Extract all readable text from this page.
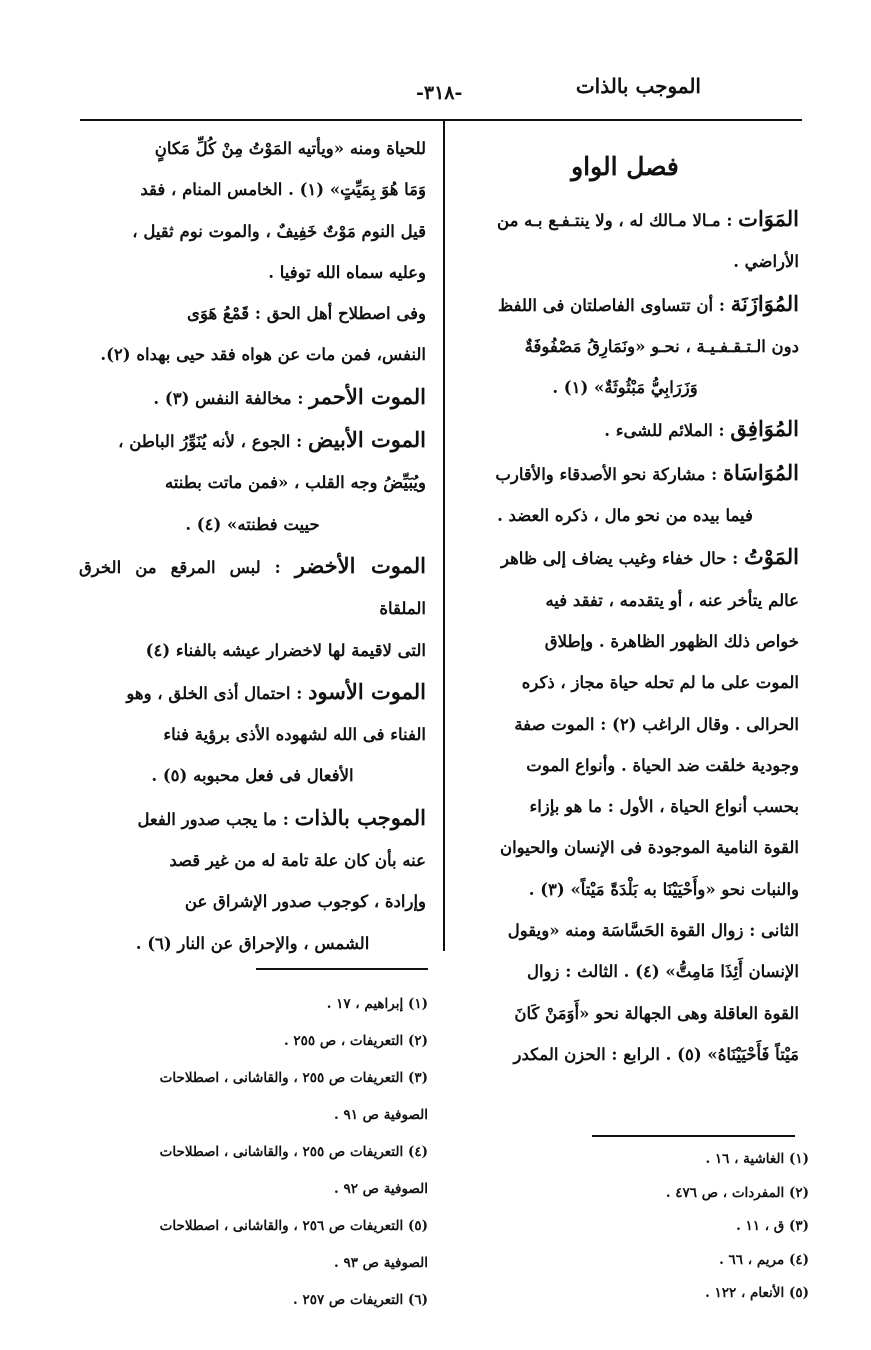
الموجب بالذات
-٣١٨-

فصل الواو

المَوَات : مـالا مـالك له ، ولا ينتـفـع بـه من

الأراضي .

المُوَازَنَة : أن تتساوى الفاصلتان فى اللفظ

دون الـتـقـفـيـة ، نحـو «ونَمَارِقُ مَصْفُوفَةٌ

وَزَرَابِيُّ مَبْثُوثَةٌ» (١) .

المُوَافِق : الملائم للشىء .

المُوَاسَاة : مشاركة نحو الأصدقاء والأقارب

فيما بيده من نحو مال ، ذكره العضد .

المَوْتُ : حال خفاء وغيب يضاف إلى ظاهر

عالم يتأخر عنه ، أو يتقدمه ، تفقد فيه

خواص ذلك الظهور الظاهرة . وإطلاق

الموت على ما لم تحله حياة مجاز ، ذكره

الحرالى . وقال الراغب (٢) : الموت صفة

وجودية خلقت ضد الحياة . وأنواع الموت

بحسب أنواع الحياة ، الأول : ما هو بإزاء

القوة النامية الموجودة فى الإنسان والحيوان

والنبات نحو «وأَحْيَيْنَا به بَلْدَةً مَيْتاً» (٣) .

الثانى : زوال القوة الحَسَّاسَة ومنه «ويقول

الإنسان أَئِذَا مَامِتُّ» (٤) . الثالث : زوال

القوة العاقلة وهى الجهالة نحو «أَوَمَنْ كَانَ

مَيْتاً فَأَحْيَيْنَاهُ» (٥) . الرابع : الحزن المكدر

(١) الغاشية ، ١٦ .

(٢) المفردات ، ص ٤٧٦ .

(٣) ق ، ١١ .

(٤) مريم ، ٦٦ .

(٥) الأنعام ، ١٢٢ .

للحياة ومنه «ويأتيه المَوْتُ مِنْ كُلِّ مَكانٍ

وَمَا هُوَ بِمَيِّتٍ» (١) . الخامس المنام ، فقد

قيل النوم مَوْتٌ خَفِيفٌ ، والموت نوم ثقيل ،

وعليه سماه الله توفيا .

وفى اصطلاح أهل الحق : قَمْعُ هَوَى

النفس، فمن مات عن هواه فقد حيى بهداه (٢).

الموت الأحمر : مخالفة النفس (٣) .

الموت الأبيض : الجوع ، لأنه يُنَوِّرُ الباطن ،

ويُبَيِّضُ وجه القلب ، «فمن ماتت بطنته

حييت فطنته» (٤) .

الموت الأخضر : لبس المرقع من الخرق الملقاة

التى لاقيمة لها لاخضرار عيشه بالفناء (٤)

الموت الأسود : احتمال أذى الخلق ، وهو

الفناء فى الله لشهوده الأذى برؤية فناء

الأفعال فى فعل محبوبه (٥) .

الموجب بالذات : ما يجب صدور الفعل

عنه بأن كان علة تامة له من غير قصد

وإرادة ، كوجوب صدور الإشراق عن

الشمس ، والإحراق عن النار (٦) .

(١) إبراهيم ، ١٧ .

(٢) التعريفات ، ص ٢٥٥ .

(٣) التعريفات ص ٢٥٥ ، والقاشانى ، اصطلاحات

الصوفية ص ٩١ .

(٤) التعريفات ص ٢٥٥ ، والقاشانى ، اصطلاحات

الصوفية ص ٩٢ .

(٥) التعريفات ص ٢٥٦ ، والقاشانى ، اصطلاحات

الصوفية ص ٩٣ .

(٦) التعريفات ص ٢٥٧ .
